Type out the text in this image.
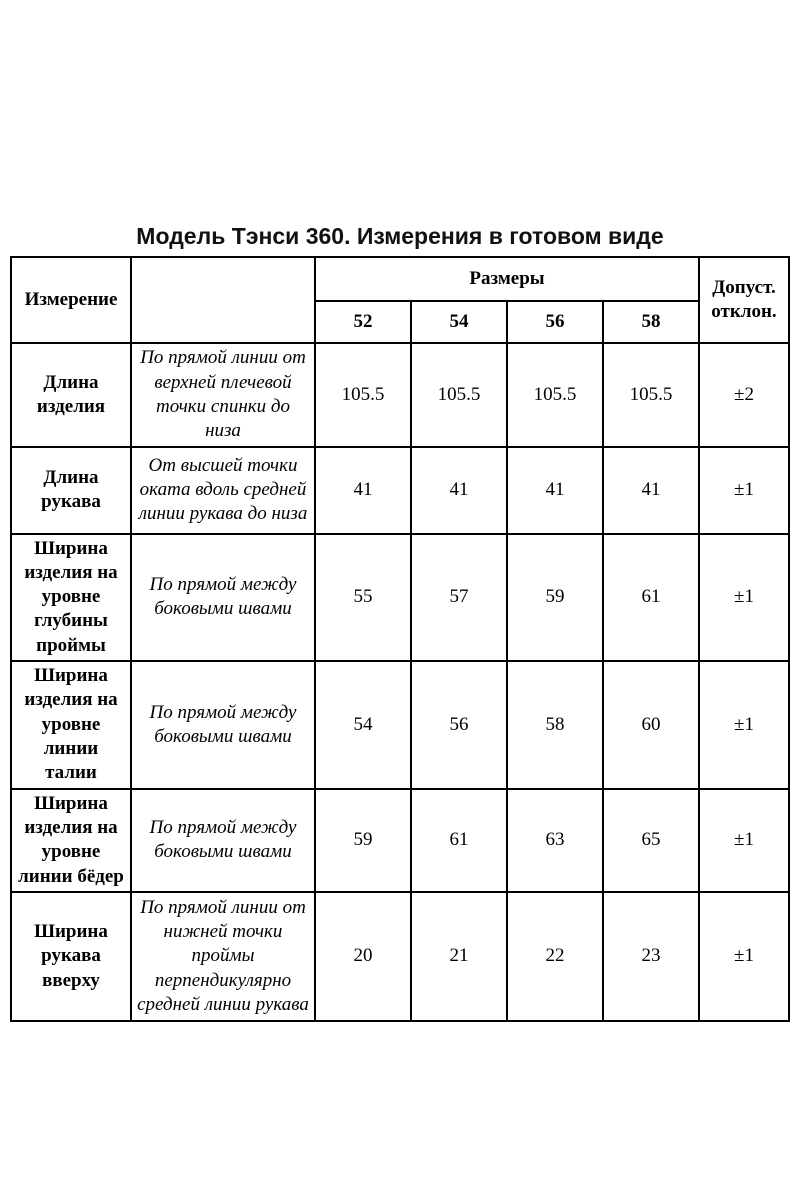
Модель Тэнси 360. Измерения в готовом виде
Измерение		Размеры				Допуст. отклон.
		52	54	56	58	
Длина изделия	По прямой линии от верхней плечевой точки спинки до низа	105.5	105.5	105.5	105.5	±2
Длина рукава	От высшей точки оката вдоль средней линии рукава до низа	41	41	41	41	±1
Ширина изделия на уровне глубины проймы	По прямой между боковыми швами	55	57	59	61	±1
Ширина изделия на уровне линии талии	По прямой между боковыми швами	54	56	58	60	±1
Ширина изделия на уровне линии бёдер	По прямой между боковыми швами	59	61	63	65	±1
Ширина рукава вверху	По прямой линии от нижней точки проймы перпендикулярно средней линии рукава	20	21	22	23	±1
